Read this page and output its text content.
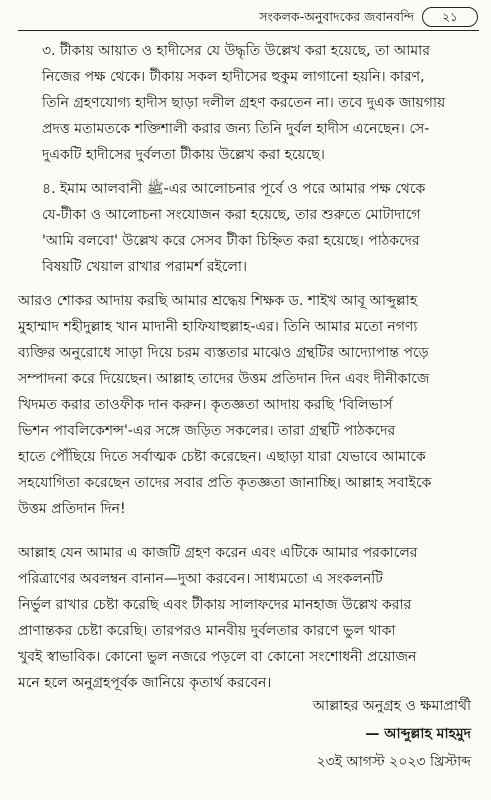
সংকলক-অনুবাদকের জবানবন্দি ২১
৩. টীকায় আয়াত ও হাদীসের যে উদ্ধৃতি উল্লেখ করা হয়েছে, তা আমার
নিজের পক্ষ থেকে। টীকায় সকল হাদীসের হুকুম লাগানো হয়নি। কারণ,
তিনি গ্রহণযোগ্য হাদীস ছাড়া দলীল গ্রহণ করতেন না। তবে দুএক জায়গায়
প্রদত্ত মতামতকে শক্তিশালী করার জন্য তিনি দুর্বল হাদীস এনেছেন। সে-
দুএকটি হাদীসের দুর্বলতা টীকায় উল্লেখ করা হয়েছে।
৪. ইমাম আলবানী ﷺ-এর আলোচনার পূর্বে ও পরে আমার পক্ষ থেকে
যে-টীকা ও আলোচনা সংযোজন করা হয়েছে, তার শুরুতে মোটাদাগে
'আমি বলবো' উল্লেখ করে সেসব টীকা চিহ্নিত করা হয়েছে। পাঠকদের
বিষয়টি খেয়াল রাখার পরামর্শ রইলো।
আরও শোকর আদায় করছি আমার শ্রদ্ধেয় শিক্ষক ড. শাইখ আবূ আব্দুল্লাহ
মুহাম্মাদ শহীদুল্লাহ খান মাদানী হাফিযাহুল্লাহ-এর। তিনি আমার মতো নগণ্য
ব্যক্তির অনুরোধে সাড়া দিয়ে চরম ব্যস্ততার মাঝেও গ্রন্থটির আদ্যোপান্ত পড়ে
সম্পাদনা করে দিয়েছেন। আল্লাহ তাদের উত্তম প্রতিদান দিন এবং দীনীকাজে
খিদমত করার তাওফীক দান করুন। কৃতজ্ঞতা আদায় করছি 'বিলিভার্স
ভিশন পাবলিকেশন্স'-এর সঙ্গে জড়িত সকলের। তারা গ্রন্থটি পাঠকদের
হাতে পৌঁছিয়ে দিতে সর্বাত্মক চেষ্টা করেছেন। এছাড়া যারা যেভাবে আমাকে
সহযোগিতা করেছেন তাদের সবার প্রতি কৃতজ্ঞতা জানাচ্ছি। আল্লাহ সবাইকে
উত্তম প্রতিদান দিন!
আল্লাহ যেন আমার এ কাজটি গ্রহণ করেন এবং এটিকে আমার পরকালের
পরিত্রাণের অবলম্বন বানান—দুআ করবেন। সাধ্যমতো এ সংকলনটি
নির্ভুল রাখার চেষ্টা করেছি এবং টীকায় সালাফদের মানহাজ উল্লেখ করার
প্রাণান্তকর চেষ্টা করেছি। তারপরও মানবীয় দুর্বলতার কারণে ভুল থাকা
খুবই স্বাভাবিক। কোনো ভুল নজরে পড়লে বা কোনো সংশোধনী প্রয়োজন
মনে হলে অনুগ্রহপূর্বক জানিয়ে কৃতার্থ করবেন।
আল্লাহর অনুগ্রহ ও ক্ষমাপ্রার্থী
— আব্দুল্লাহ মাহমুদ
২৩ই আগস্ট ২০২৩ খ্রিস্টাব্দ
